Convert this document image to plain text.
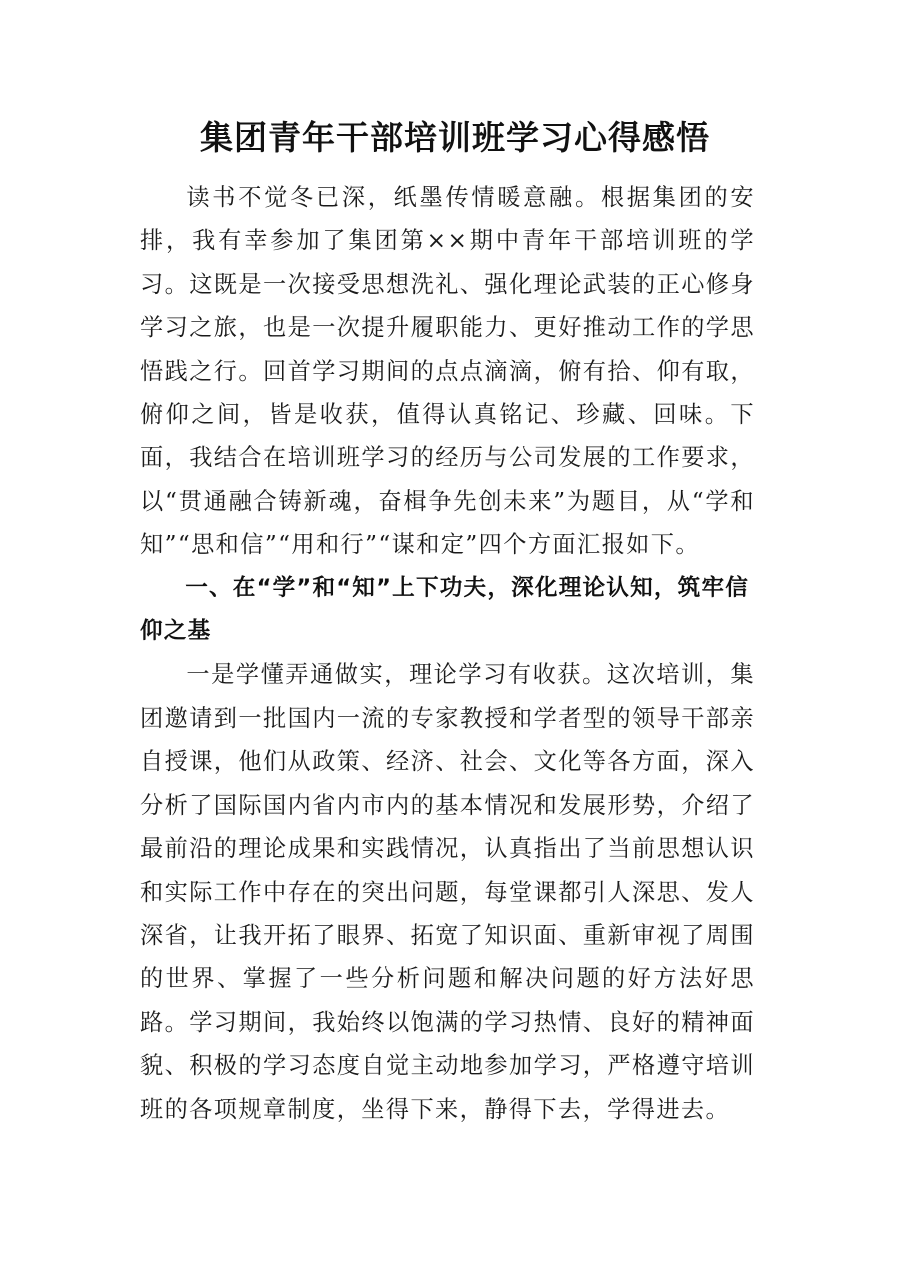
集团青年干部培训班学习心得感悟

读书不觉冬已深，纸墨传情暖意融。根据集团的安排，我有幸参加了集团第××期中青年干部培训班的学习。这既是一次接受思想洗礼、强化理论武装的正心修身学习之旅，也是一次提升履职能力、更好推动工作的学思悟践之行。回首学习期间的点点滴滴，俯有拾、仰有取，俯仰之间，皆是收获，值得认真铭记、珍藏、回味。下面，我结合在培训班学习的经历与公司发展的工作要求，以“贯通融合铸新魂，奋楫争先创未来”为题目，从“学和知”“思和信”“用和行”“谋和定”四个方面汇报如下。

一、在“学”和“知”上下功夫，深化理论认知，筑牢信仰之基

一是学懂弄通做实，理论学习有收获。这次培训，集团邀请到一批国内一流的专家教授和学者型的领导干部亲自授课，他们从政策、经济、社会、文化等各方面，深入分析了国际国内省内市内的基本情况和发展形势，介绍了最前沿的理论成果和实践情况，认真指出了当前思想认识和实际工作中存在的突出问题，每堂课都引人深思、发人深省，让我开拓了眼界、拓宽了知识面、重新审视了周围的世界、掌握了一些分析问题和解决问题的好方法好思路。学习期间，我始终以饱满的学习热情、良好的精神面貌、积极的学习态度自觉主动地参加学习，严格遵守培训班的各项规章制度，坐得下来，静得下去，学得进去。
